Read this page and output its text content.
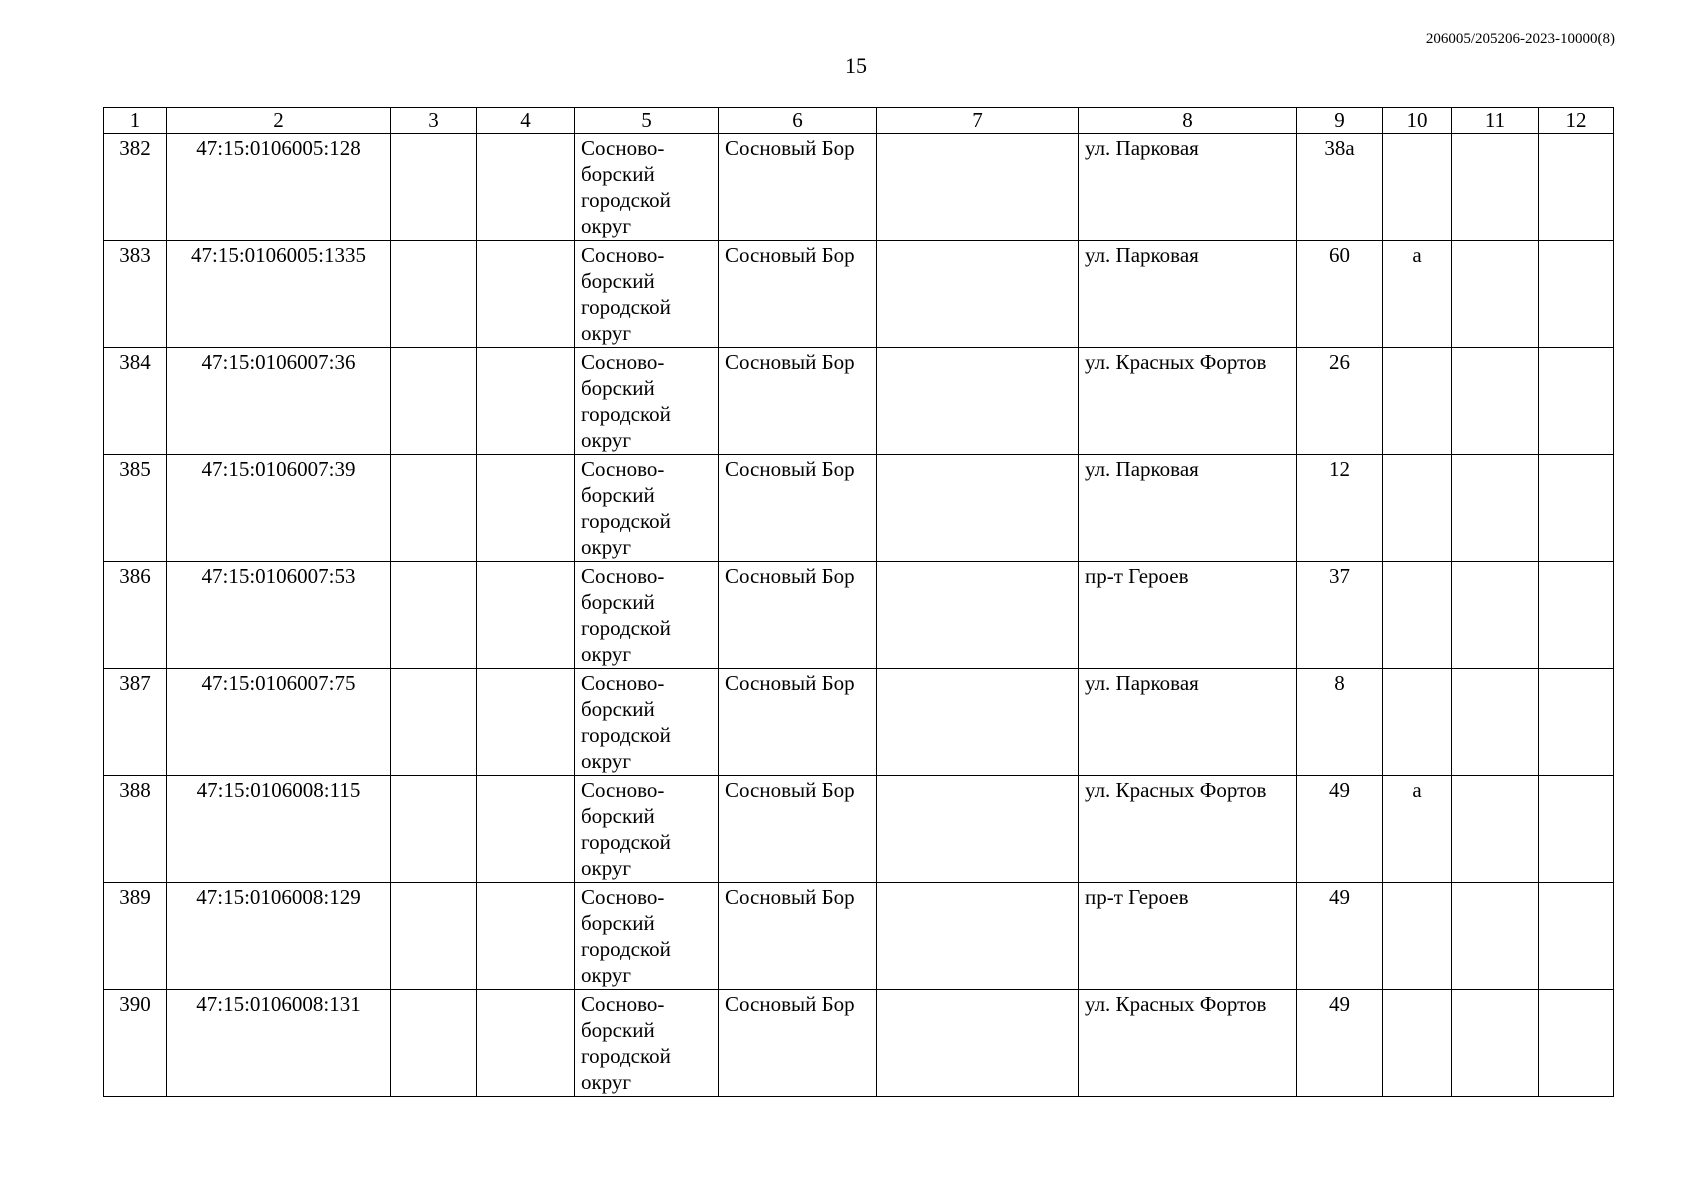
206005/205206-2023-10000(8)
15
1	2	3	4	5	6	7	8	9	10	11	12
382	47:15:0106005:128			Сосново-борский городской округ	Сосновый Бор		ул. Парковая	38а			
383	47:15:0106005:1335			Сосново-борский городской округ	Сосновый Бор		ул. Парковая	60	а		
384	47:15:0106007:36			Сосново-борский городской округ	Сосновый Бор		ул. Красных Фортов	26			
385	47:15:0106007:39			Сосново-борский городской округ	Сосновый Бор		ул. Парковая	12			
386	47:15:0106007:53			Сосново-борский городской округ	Сосновый Бор		пр-т Героев	37			
387	47:15:0106007:75			Сосново-борский городской округ	Сосновый Бор		ул. Парковая	8			
388	47:15:0106008:115			Сосново-борский городской округ	Сосновый Бор		ул. Красных Фортов	49	а		
389	47:15:0106008:129			Сосново-борский городской округ	Сосновый Бор		пр-т Героев	49			
390	47:15:0106008:131			Сосново-борский городской округ	Сосновый Бор		ул. Красных Фортов	49			
